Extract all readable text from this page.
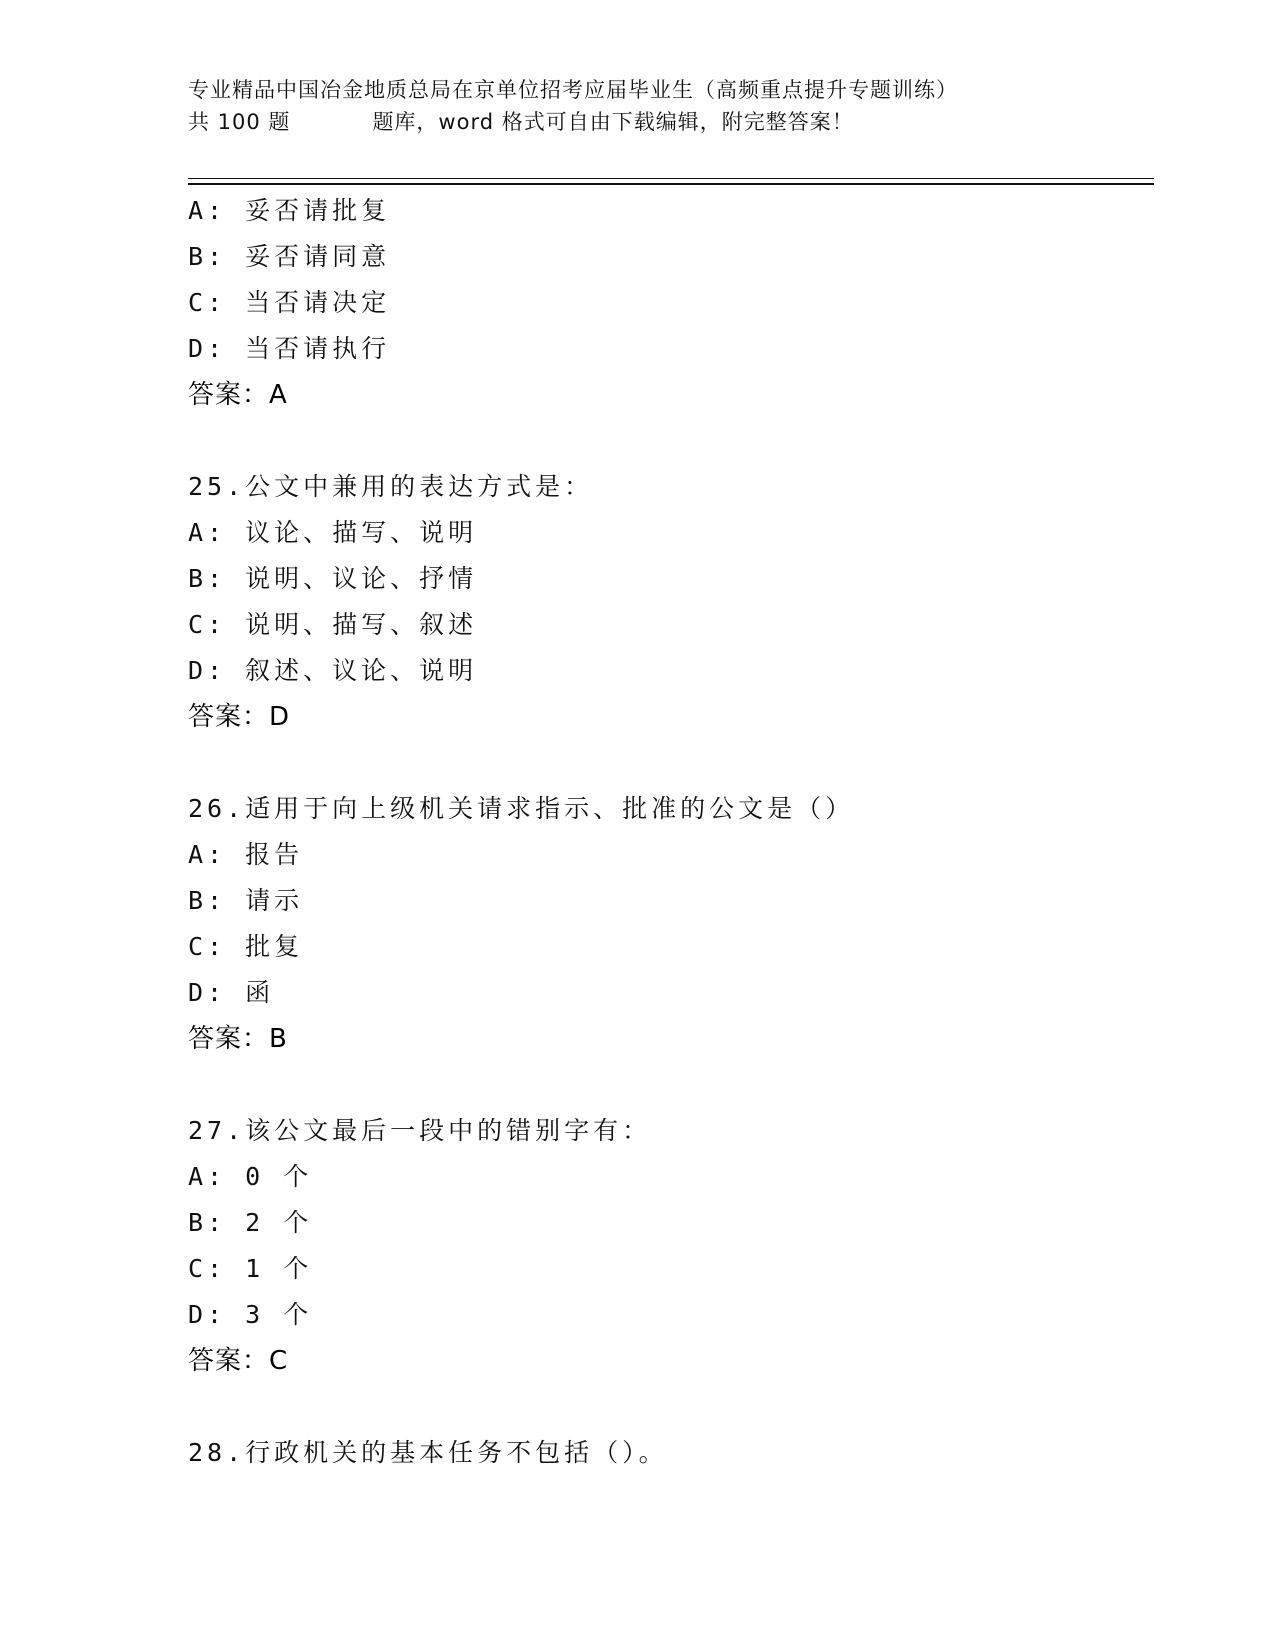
专业精品中国冶金地质总局在京单位招考应届毕业生（高频重点提升专题训练）
共 100 题	题库，word 格式可自由下载编辑，附完整答案！
A: 妥否请批复
B: 妥否请同意
C: 当否请决定
D: 当否请执行
答案：A
25.公文中兼用的表达方式是：
A: 议论、描写、说明
B: 说明、议论、抒情
C: 说明、描写、叙述
D: 叙述、议论、说明
答案：D
26.适用于向上级机关请求指示、批准的公文是（）
A: 报告
B: 请示
C: 批复
D: 函
答案：B
27.该公文最后一段中的错别字有：
A: 0 个
B: 2 个
C: 1 个
D: 3 个
答案：C
28.行政机关的基本任务不包括（）。
